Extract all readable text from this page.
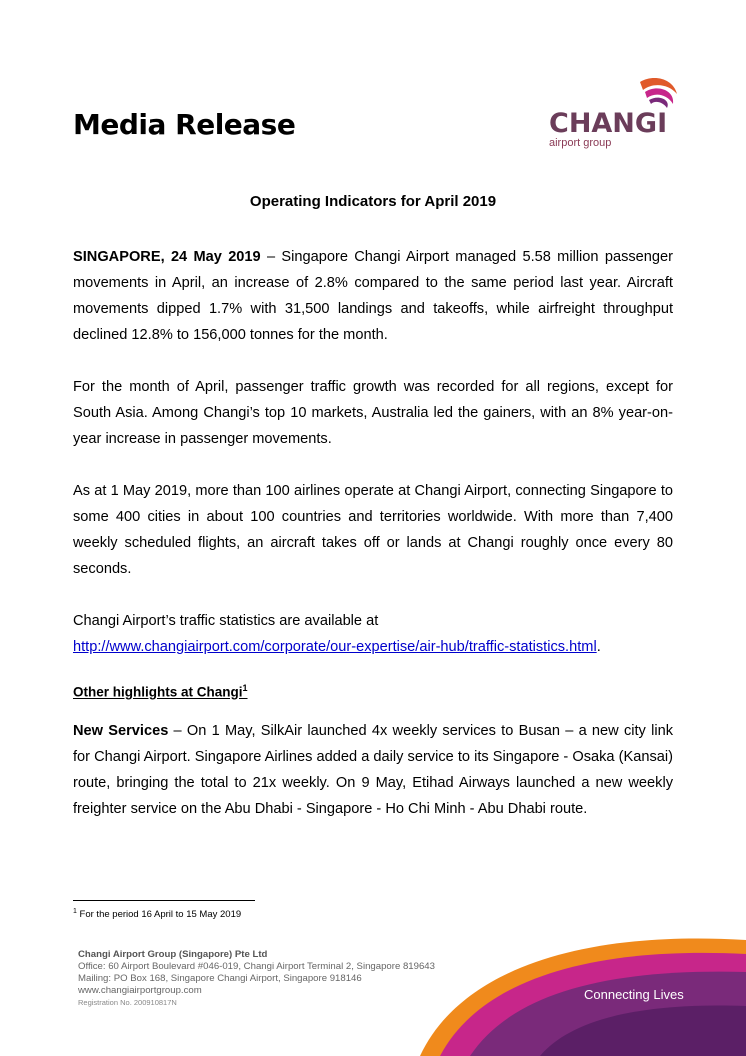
Media Release	CHANGI
airport group
Operating Indicators for April 2019
SINGAPORE, 24 May 2019 – Singapore Changi Airport managed 5.58 million passenger movements in April, an increase of 2.8% compared to the same period last year. Aircraft movements dipped 1.7% with 31,500 landings and takeoffs, while airfreight throughput declined 12.8% to 156,000 tonnes for the month.
For the month of April, passenger traffic growth was recorded for all regions, except for South Asia. Among Changi’s top 10 markets, Australia led the gainers, with an 8% year-on-year increase in passenger movements.
As at 1 May 2019, more than 100 airlines operate at Changi Airport, connecting Singapore to some 400 cities in about 100 countries and territories worldwide. With more than 7,400 weekly scheduled flights, an aircraft takes off or lands at Changi roughly once every 80 seconds.
Changi Airport’s traffic statistics are available at
http://www.changiairport.com/corporate/our-expertise/air-hub/traffic-statistics.html.
Other highlights at Changi$^1$
New Services – On 1 May, SilkAir launched 4x weekly services to Busan – a new city link for Changi Airport. Singapore Airlines added a daily service to its Singapore - Osaka (Kansai) route, bringing the total to 21x weekly. On 9 May, Etihad Airways launched a new weekly freighter service on the Abu Dhabi - Singapore - Ho Chi Minh - Abu Dhabi route.
$^1$ For the period 16 April to 15 May 2019
Changi Airport Group (Singapore) Pte Ltd
Office: 60 Airport Boulevard #046-019, Changi Airport Terminal 2, Singapore 819643
Mailing: PO Box 168, Singapore Changi Airport, Singapore 918146
www.changiairportgroup.com
Registration No. 200910817N
Connecting Lives
